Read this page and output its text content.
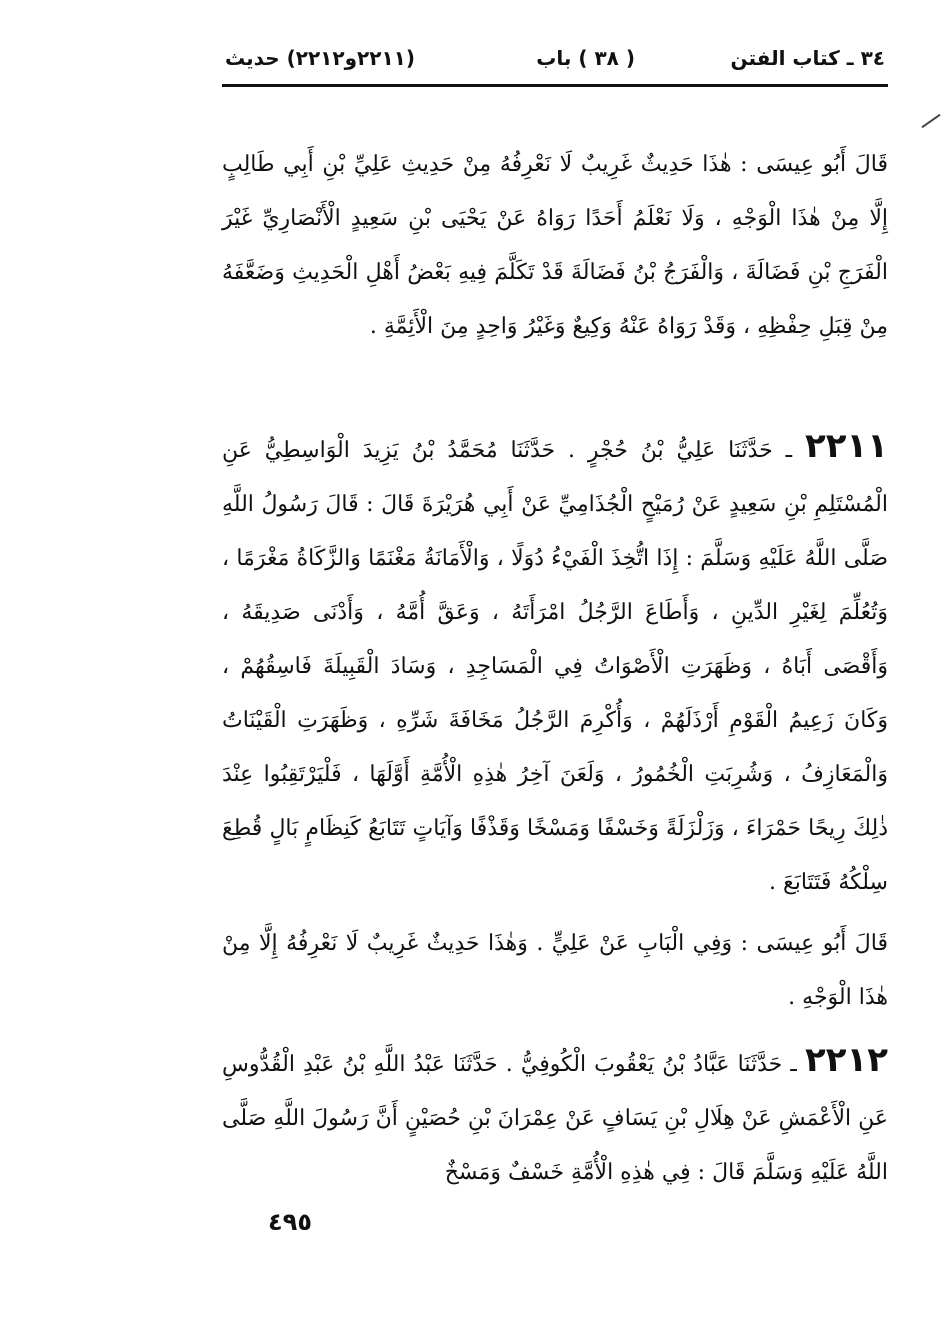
٣٤ ـ كتاب الفتن
( ٣٨ ) باب
(٢٢١١و٢٢١٢) حديث

قَالَ أَبُو عِيسَى : هٰذَا حَدِيثٌ غَرِيبٌ لَا نَعْرِفُهُ مِنْ حَدِيثِ عَلِيِّ بْنِ أَبِي طَالِبٍ إِلَّا مِنْ هٰذَا الْوَجْهِ ، وَلَا نَعْلَمُ أَحَدًا رَوَاهُ عَنْ يَحْيَى بْنِ سَعِيدٍ الْأَنْصَارِيِّ غَيْرَ الْفَرَجِ بْنِ فَضَالَةَ ، وَالْفَرَجُ بْنُ فَضَالَةَ قَدْ تَكَلَّمَ فِيهِ بَعْضُ أَهْلِ الْحَدِيثِ وَضَعَّفَهُ مِنْ قِبَلِ حِفْظِهِ ، وَقَدْ رَوَاهُ عَنْهُ وَكِيعٌ وَغَيْرُ وَاحِدٍ مِنَ الْأَئِمَّةِ .

٢٢١١ ـ حَدَّثَنَا عَلِيُّ بْنُ حُجْرٍ . حَدَّثَنَا مُحَمَّدُ بْنُ يَزِيدَ الْوَاسِطِيُّ عَنِ الْمُسْتَلِمِ بْنِ سَعِيدٍ عَنْ رُمَيْحٍ الْجُذَامِيِّ عَنْ أَبِي هُرَيْرَةَ قَالَ : قَالَ رَسُولُ اللَّهِ صَلَّى اللَّهُ عَلَيْهِ وَسَلَّمَ : إِذَا اتُّخِذَ الْفَيْءُ دُوَلًا ، وَالْأَمَانَةُ مَغْنَمًا وَالزَّكَاةُ مَغْرَمًا ، وَتُعُلِّمَ لِغَيْرِ الدِّينِ ، وَأَطَاعَ الرَّجُلُ امْرَأَتَهُ ، وَعَقَّ أُمَّهُ ، وَأَدْنَى صَدِيقَهُ ، وَأَقْصَى أَبَاهُ ، وَظَهَرَتِ الْأَصْوَاتُ فِي الْمَسَاجِدِ ، وَسَادَ الْقَبِيلَةَ فَاسِقُهُمْ ، وَكَانَ زَعِيمُ الْقَوْمِ أَرْذَلَهُمْ ، وَأُكْرِمَ الرَّجُلُ مَخَافَةَ شَرِّهِ ، وَظَهَرَتِ الْقَيْنَاتُ وَالْمَعَازِفُ ، وَشُرِبَتِ الْخُمُورُ ، وَلَعَنَ آخِرُ هٰذِهِ الْأُمَّةِ أَوَّلَهَا ، فَلْيَرْتَقِبُوا عِنْدَ ذٰلِكَ رِيحًا حَمْرَاءَ ، وَزَلْزَلَةً وَخَسْفًا وَمَسْخًا وَقَذْفًا وَآيَاتٍ تَتَابَعُ كَنِظَامٍ بَالٍ قُطِعَ سِلْكُهُ فَتَتَابَعَ .

قَالَ أَبُو عِيسَى : وَفِي الْبَابِ عَنْ عَلِيٍّ . وَهٰذَا حَدِيثٌ غَرِيبٌ لَا نَعْرِفُهُ إِلَّا مِنْ هٰذَا الْوَجْهِ .

٢٢١٢ ـ حَدَّثَنَا عَبَّادُ بْنُ يَعْقُوبَ الْكُوفِيُّ . حَدَّثَنَا عَبْدُ اللَّهِ بْنُ عَبْدِ الْقُدُّوسِ عَنِ الْأَعْمَشِ عَنْ هِلَالِ بْنِ يَسَافٍ عَنْ عِمْرَانَ بْنِ حُصَيْنٍ أَنَّ رَسُولَ اللَّهِ صَلَّى اللَّهُ عَلَيْهِ وَسَلَّمَ قَالَ : فِي هٰذِهِ الْأُمَّةِ خَسْفٌ وَمَسْخٌ

٤٩٥
